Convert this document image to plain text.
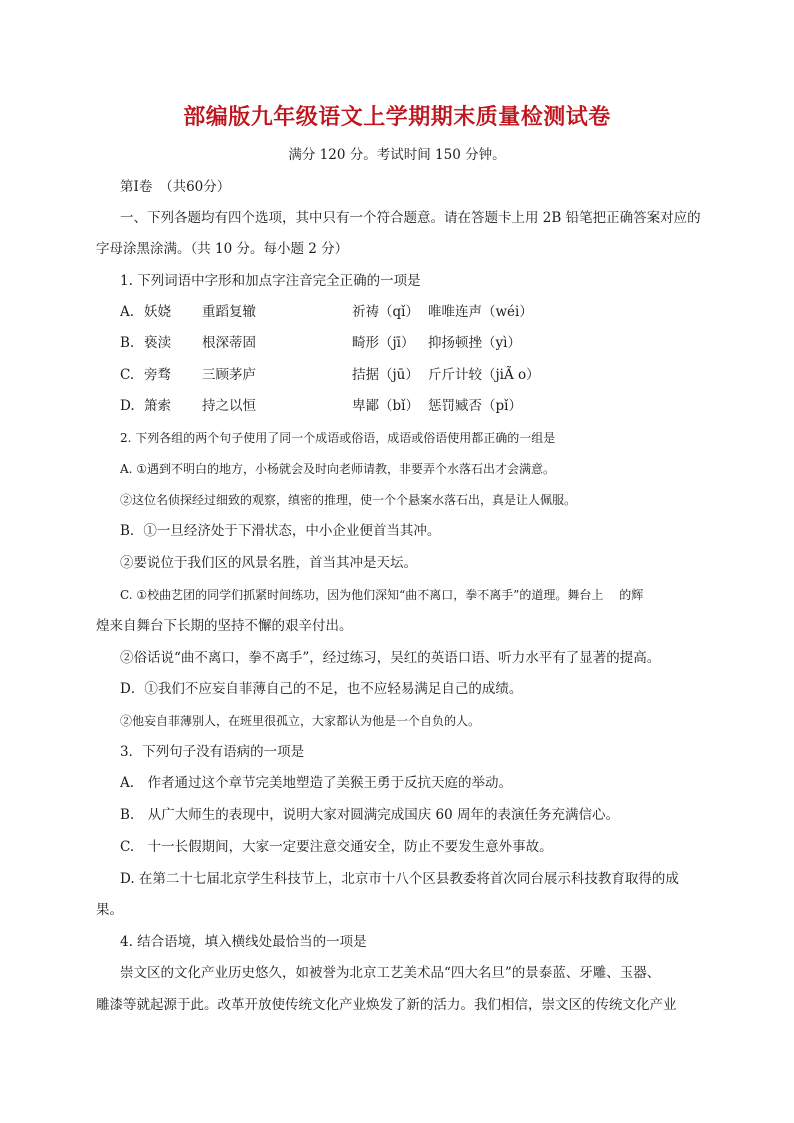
部编版九年级语文上学期期末质量检测试卷
满分 120 分。考试时间 150 分钟。
第Ⅰ卷　（共60分）
一、下列各题均有四个选项，其中只有一个符合题意。请在答题卡上用 2B 铅笔把正确答案对应的
字母涂黑涂满。（共 10 分。每小题 2 分）
1. 下列词语中字形和加点字注音完全正确的一项是
A. 妖娆 重蹈复辙	祈祷（qǐ） 唯唯连声（wéi）
B. 亵渎 根深蒂固	畸形（jī） 抑扬顿挫（yì）
C. 旁骛 三顾茅庐	拮据（jū） 斤斤计较（jiÃ o）
D.箫索 持之以恒	卑鄙（bǐ） 惩罚臧否（pǐ）
2. 下列各组的两个句子使用了同一个成语或俗语，成语或俗语使用都正确的一组是
A. ①遇到不明白的地方，小杨就会及时向老师请教，非要弄个水落石出才会满意。
②这位名侦探经过细致的观察，缜密的推理，使一个个悬案水落石出，真是让人佩服。
B．①一旦经济处于下滑状态，中小企业便首当其冲。
②要说位于我们区的风景名胜，首当其冲是天坛。
C. ①校曲艺团的同学们抓紧时间练功，因为他们深知“曲不离口，拳不离手”的道理。舞台上　 的辉
煌来自舞台下长期的坚持不懈的艰辛付出。
②俗话说“曲不离口，拳不离手”，经过练习，吴红的英语口语、听力水平有了显著的提高。
D．①我们不应妄自菲薄自己的不足，也不应轻易满足自己的成绩。
②他妄自菲薄别人，在班里很孤立，大家都认为他是一个自负的人。
3．下列句子没有语病的一项是
A.　作者通过这个章节完美地塑造了美猴王勇于反抗天庭的举动。
B.　从广大师生的表现中，说明大家对圆满完成国庆 60 周年的表演任务充满信心。
C.　十一长假期间，大家一定要注意交通安全，防止不要发生意外事故。
D. 在第二十七届北京学生科技节上，北京市十八个区县教委将首次同台展示科技教育取得的成
果。
4. 结合语境，填入横线处最恰当的一项是
崇文区的文化产业历史悠久，如被誉为北京工艺美术品“四大名旦”的景泰蓝、牙雕、玉器、
雕漆等就起源于此。改革开放使传统文化产业焕发了新的活力。我们相信，崇文区的传统文化产业
